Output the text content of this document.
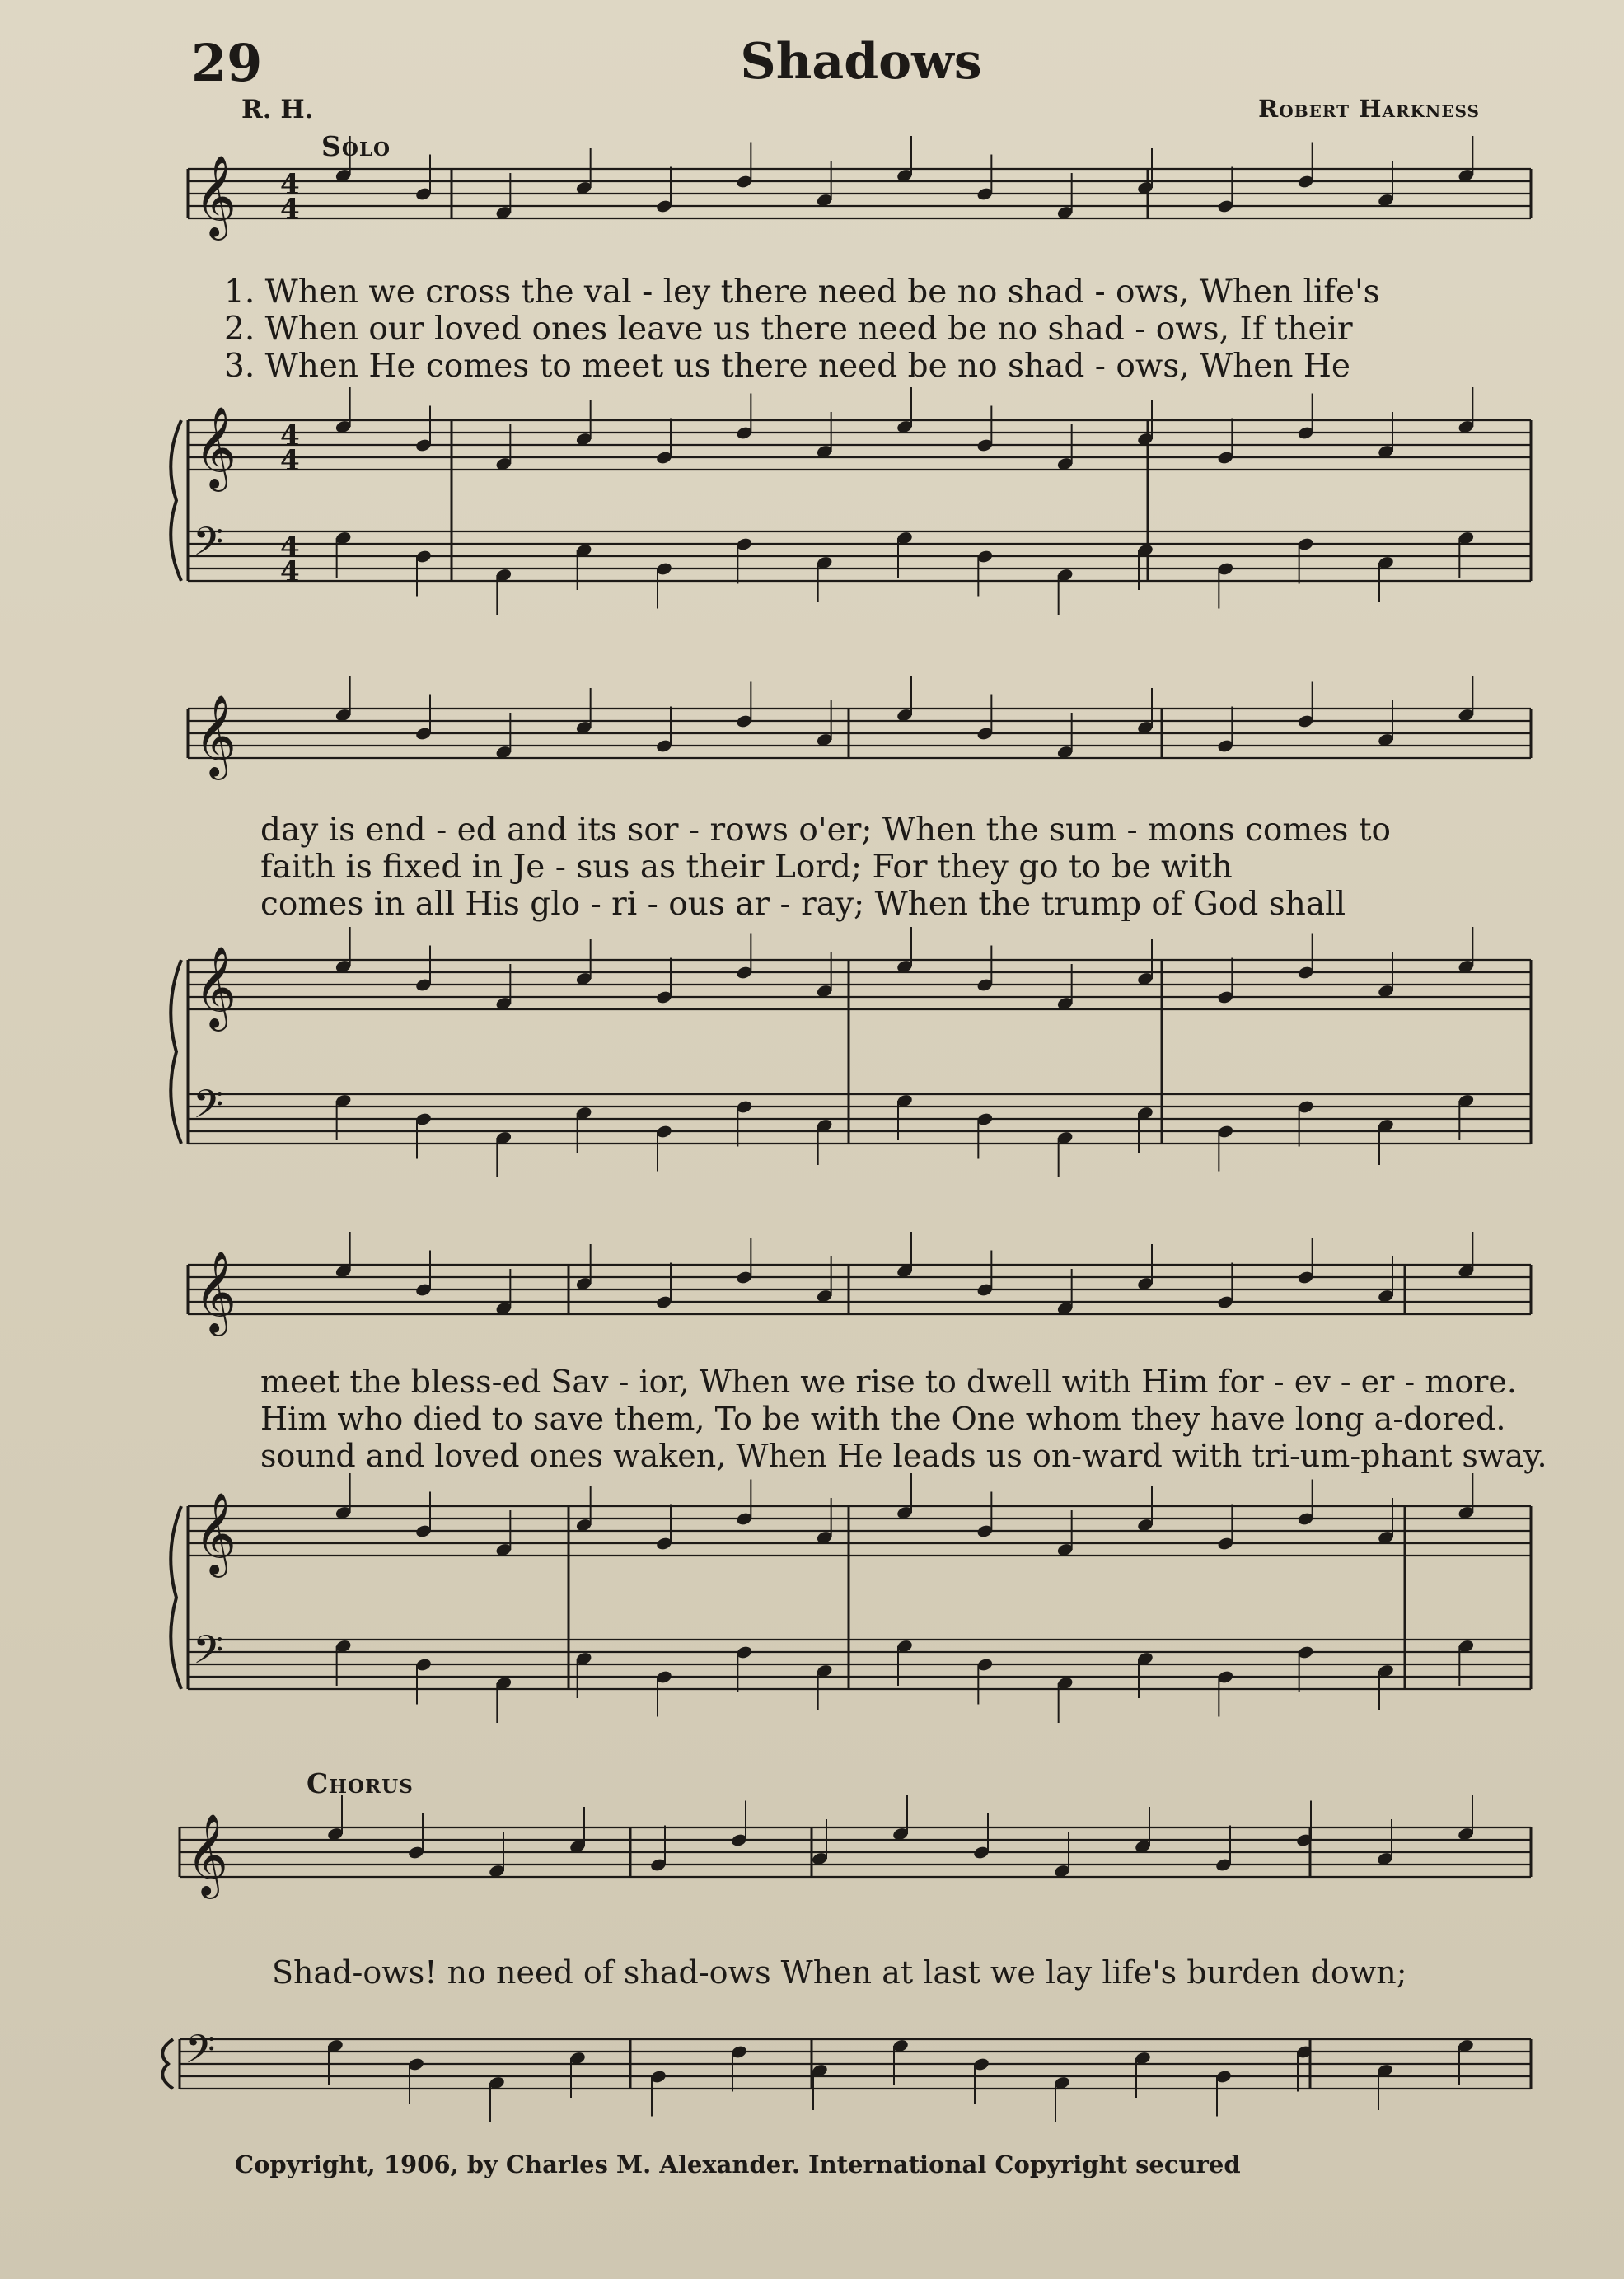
𝄞
𝄞
𝄢
𝄞
𝄞
𝄢
𝄞
𝄞
𝄢
𝄞
𝄢
4
4
4
4
4
4
29	Shadows
R. H.	Robert Harkness
Solo
Chorus
1. When we cross the val - ley there need be no shad - ows, When life's
2. When our loved ones leave us there need be no shad - ows, If their
3. When He comes to meet us there need be no shad - ows, When He
day is end - ed and its sor - rows o'er; When the sum - mons comes to
faith is fixed in Je - sus as their Lord; For they go to be with
comes in all His glo - ri - ous ar - ray; When the trump of God shall
meet the bless-ed Sav - ior, When we rise to dwell with Him for - ev - er - more.
Him who died to save them, To be with the One whom they have long a-dored.
sound and loved ones waken, When He leads us on-ward with tri-um-phant sway.
Shad-ows! no need of shad-ows When at last we lay life's burden down;
Copyright, 1906, by Charles M. Alexander. International Copyright secured
